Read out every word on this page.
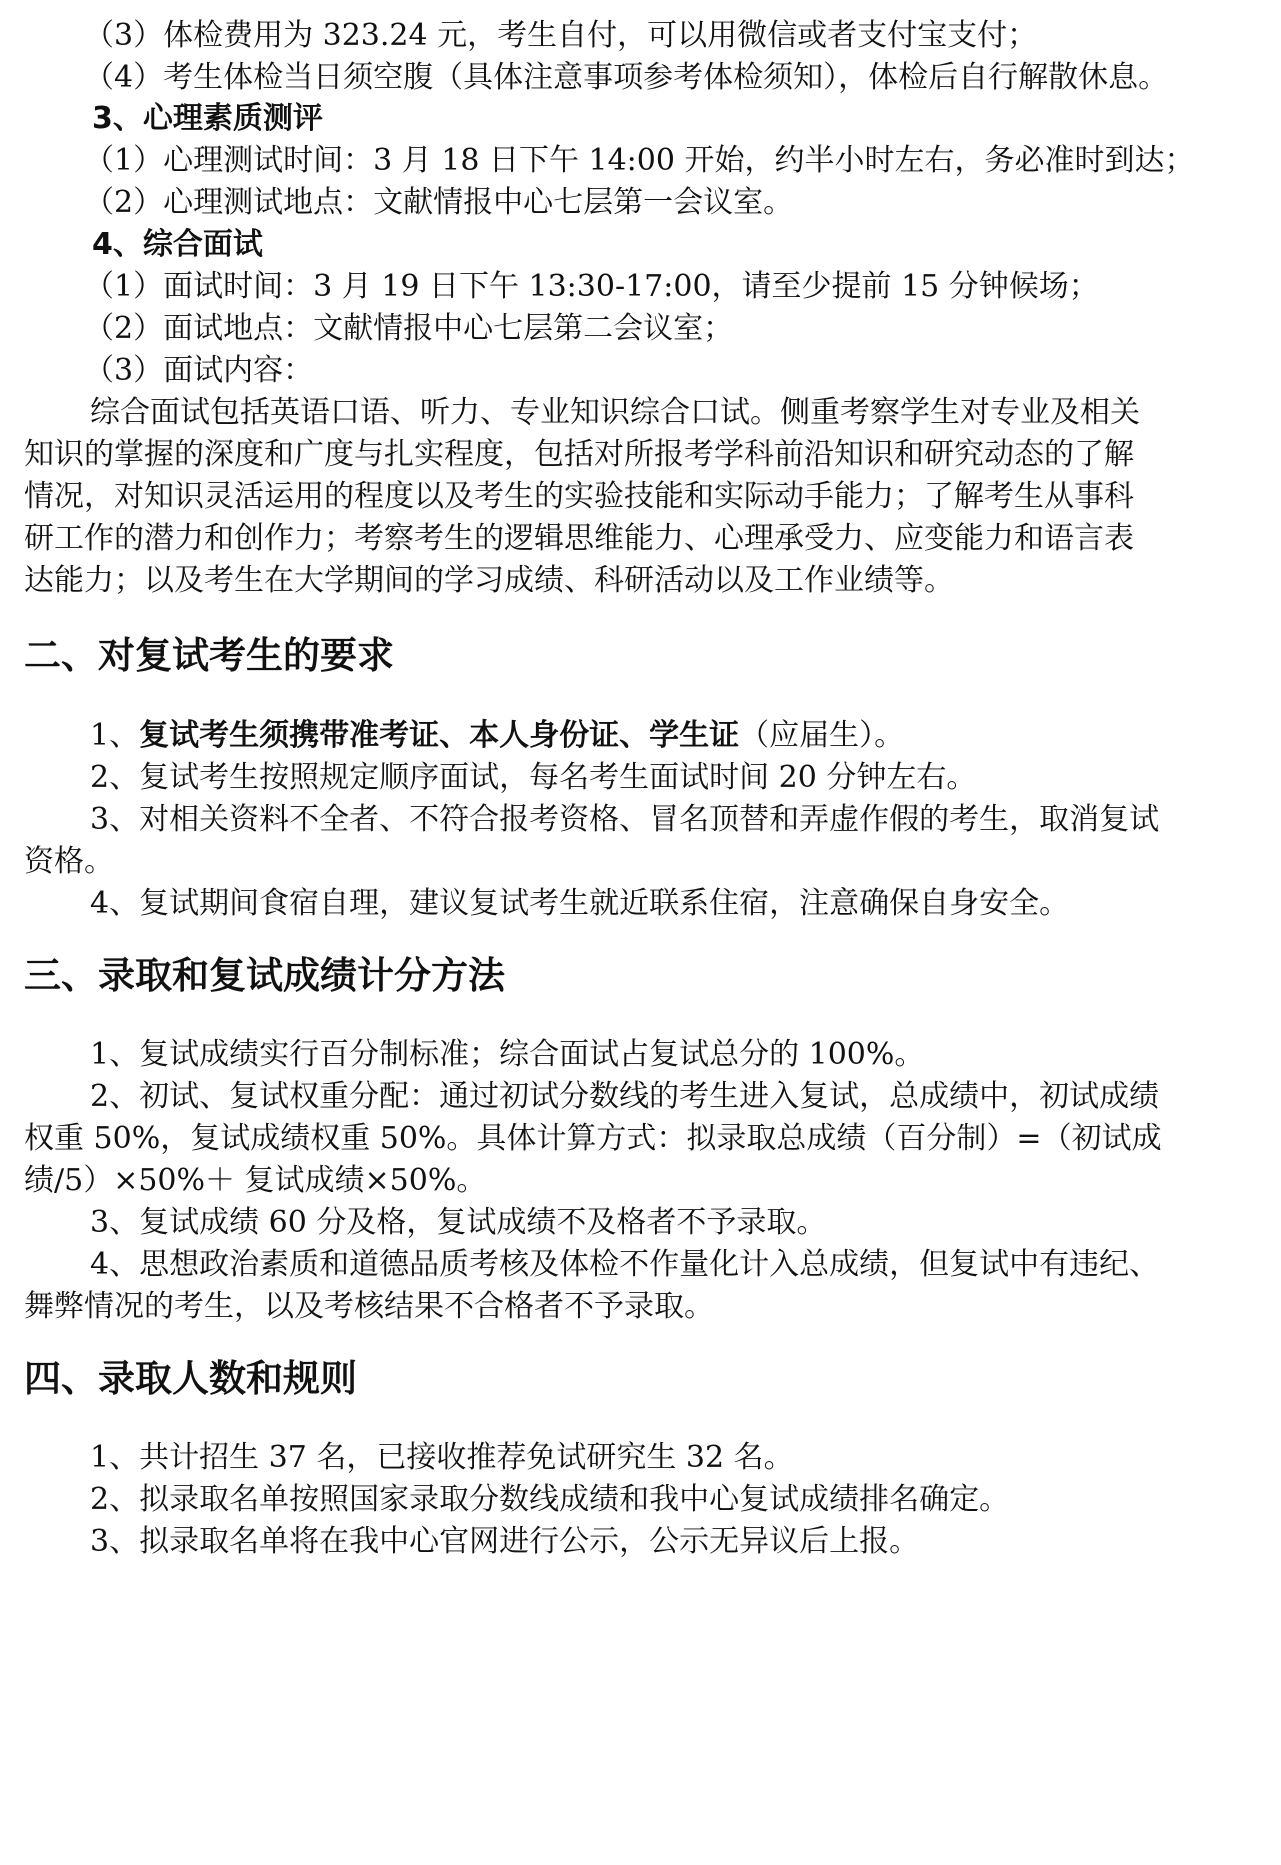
（3）体检费用为 323.24 元，考生自付，可以用微信或者支付宝支付；
（4）考生体检当日须空腹（具体注意事项参考体检须知），体检后自行解散休息。
3、心理素质测评
（1）心理测试时间：3 月 18 日下午 14:00 开始，约半小时左右，务必准时到达；
（2）心理测试地点：文献情报中心七层第一会议室。
4、综合面试
（1）面试时间：3 月 19 日下午 13:30-17:00，请至少提前 15 分钟候场；
（2）面试地点：文献情报中心七层第二会议室；
（3）面试内容：
综合面试包括英语口语、听力、专业知识综合口试。侧重考察学生对专业及相关
知识的掌握的深度和广度与扎实程度，包括对所报考学科前沿知识和研究动态的了解
情况，对知识灵活运用的程度以及考生的实验技能和实际动手能力；了解考生从事科
研工作的潜力和创作力；考察考生的逻辑思维能力、心理承受力、应变能力和语言表
达能力；以及考生在大学期间的学习成绩、科研活动以及工作业绩等。
二、对复试考生的要求
1、复试考生须携带准考证、本人身份证、学生证（应届生）。
2、复试考生按照规定顺序面试，每名考生面试时间 20 分钟左右。
3、对相关资料不全者、不符合报考资格、冒名顶替和弄虚作假的考生，取消复试
资格。
4、复试期间食宿自理，建议复试考生就近联系住宿，注意确保自身安全。
三、录取和复试成绩计分方法
1、复试成绩实行百分制标准；综合面试占复试总分的 100%。
2、初试、复试权重分配：通过初试分数线的考生进入复试，总成绩中，初试成绩
权重 50%，复试成绩权重 50%。具体计算方式：拟录取总成绩（百分制）=（初试成
绩/5）×50%＋ 复试成绩×50%。
3、复试成绩 60 分及格，复试成绩不及格者不予录取。
4、思想政治素质和道德品质考核及体检不作量化计入总成绩，但复试中有违纪、
舞弊情况的考生，以及考核结果不合格者不予录取。
四、录取人数和规则
1、共计招生 37 名，已接收推荐免试研究生 32 名。
2、拟录取名单按照国家录取分数线成绩和我中心复试成绩排名确定。
3、拟录取名单将在我中心官网进行公示，公示无异议后上报。
